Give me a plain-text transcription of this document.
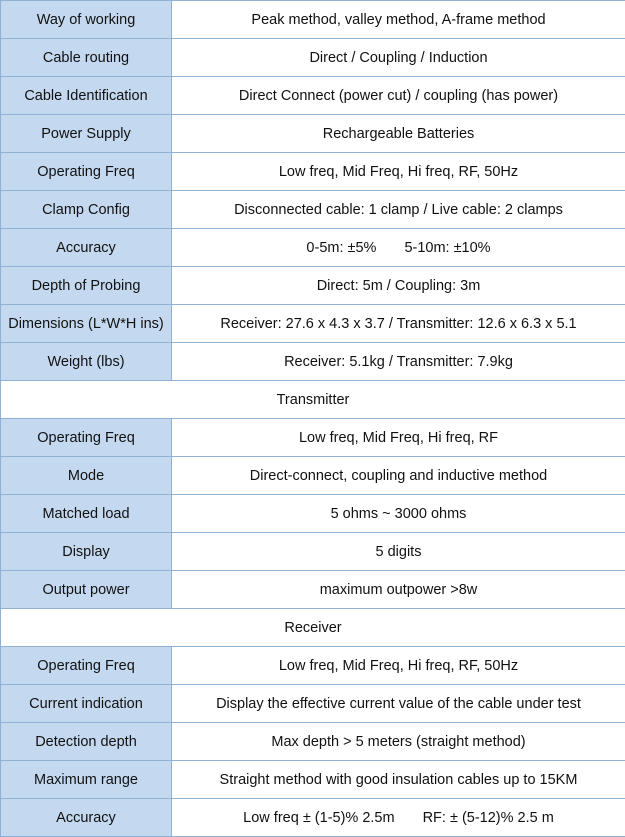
Way of working	Peak method, valley method, A-frame method
Cable routing	Direct / Coupling / Induction
Cable Identification	Direct Connect (power cut) / coupling (has power)
Power Supply	Rechargeable Batteries
Operating Freq	Low freq, Mid Freq, Hi freq, RF, 50Hz
Clamp Config	Disconnected cable: 1 clamp / Live cable: 2 clamps
Accuracy	0-5m: ±5% 5-10m: ±10%
Depth of Probing	Direct: 5m / Coupling: 3m
Dimensions (L*W*H ins)	Receiver: 27.6 x 4.3 x 3.7 / Transmitter: 12.6 x 6.3 x 5.1
Weight (lbs)	Receiver: 5.1kg / Transmitter: 7.9kg
Transmitter	
Operating Freq	Low freq, Mid Freq, Hi freq, RF
Mode	Direct-connect, coupling and inductive method
Matched load	5 ohms ~ 3000 ohms
Display	5 digits
Output power	maximum outpower >8w
Receiver	
Operating Freq	Low freq, Mid Freq, Hi freq, RF, 50Hz
Current indication	Display the effective current value of the cable under test
Detection depth	Max depth > 5 meters (straight method)
Maximum range	Straight method with good insulation cables up to 15KM
Accuracy	Low freq ± (1-5)% 2.5m RF: ± (5-12)% 2.5 m
